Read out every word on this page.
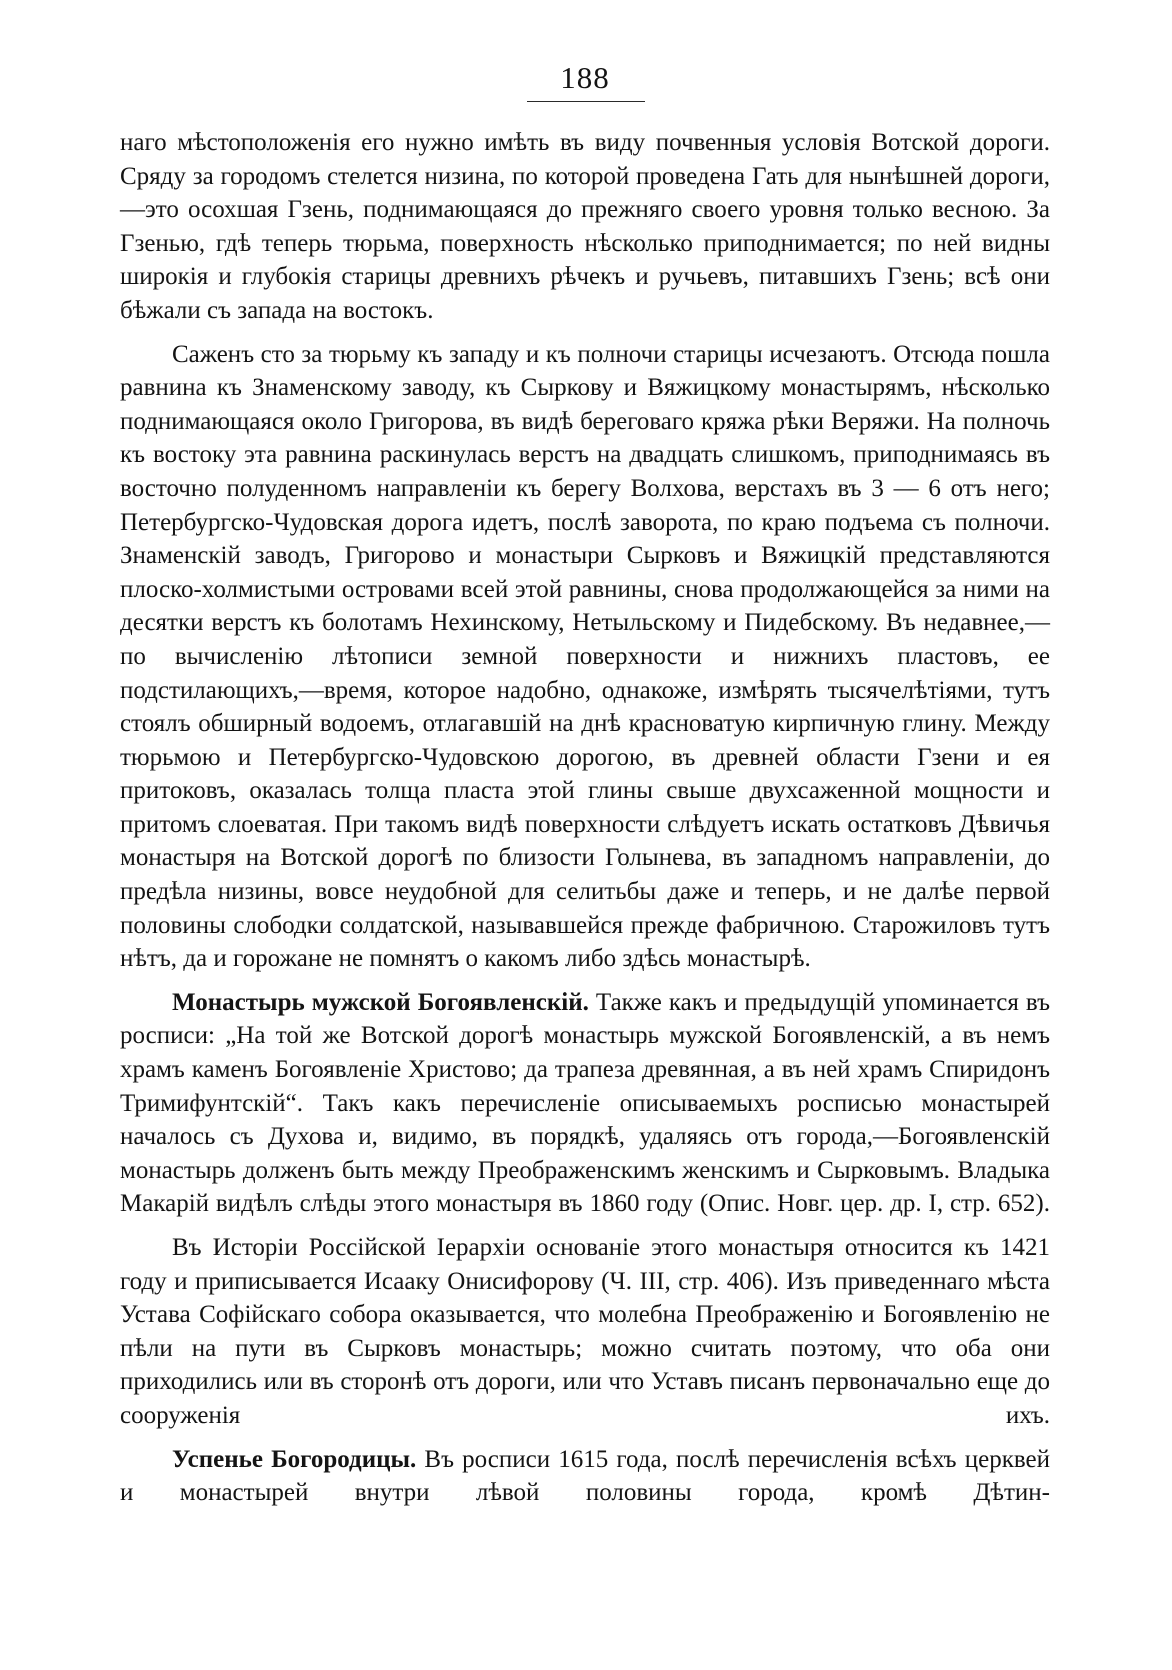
188

наго мѣстоположенія его нужно имѣть въ виду почвенныя условія Вотской дороги. Сряду за городомъ стелется низина, по которой проведена Гать для нынѣшней дороги,—это осохшая Гзень, поднимающаяся до прежняго своего уровня только весною. За Гзенью, гдѣ теперь тюрьма, поверхность нѣсколько приподнимается; по ней видны широкія и глубокія старицы древнихъ рѣчекъ и ручьевъ, питавшихъ Гзень; всѣ они бѣжали съ запада на востокъ.

Саженъ сто за тюрьму къ западу и къ полночи старицы исчезаютъ. Отсюда пошла равнина къ Знаменскому заводу, къ Сыркову и Вяжицкому монастырямъ, нѣсколько поднимающаяся около Григорова, въ видѣ береговаго кряжа рѣки Веряжи. На полночь къ востоку эта равнина раскинулась верстъ на двадцать слишкомъ, приподнимаясь въ восточно полуденномъ направленіи къ берегу Волхова, верстахъ въ 3 — 6 отъ него; Петербургско-Чудовская дорога идетъ, послѣ заворота, по краю подъема съ полночи. Знаменскій заводъ, Григорово и монастыри Сырковъ и Вяжицкій представляются плоско-холмистыми островами всей этой равнины, снова продолжающейся за ними на десятки верстъ къ болотамъ Нехинскому, Нетыльскому и Пидебскому. Въ недавнее,—по вычисленію лѣтописи земной поверхности и нижнихъ пластовъ, ее подстилающихъ,—время, которое надобно, однакоже, измѣрять тысячелѣтіями, тутъ стоялъ обширный водоемъ, отлагавшій на днѣ красноватую кирпичную глину. Между тюрьмою и Петербургско-Чудовскою дорогою, въ древней области Гзени и ея притоковъ, оказалась толща пласта этой глины свыше двухсаженной мощности и притомъ слоеватая. При такомъ видѣ поверхности слѣдуетъ искать остатковъ Дѣвичья монастыря на Вотской дорогѣ по близости Голынева, въ западномъ направленіи, до предѣла низины, вовсе неудобной для селитьбы даже и теперь, и не далѣе первой половины слободки солдатской, называвшейся прежде фабричною. Старожиловъ тутъ нѣтъ, да и горожане не помнятъ о какомъ либо здѣсь монастырѣ.

Монастырь мужской Богоявленскій. Также какъ и предыдущій упоминается въ росписи: „На той же Вотской дорогѣ монастырь мужской Богоявленскій, а въ немъ храмъ каменъ Богоявленіе Христово; да трапеза древянная, а въ ней храмъ Спиридонъ Тримифунтскій“. Такъ какъ перечисленіе описываемыхъ росписью монастырей началось съ Духова и, видимо, въ порядкѣ, удаляясь отъ города,—Богоявленскій монастырь долженъ быть между Преображенскимъ женскимъ и Сырковымъ. Владыка Макарій видѣлъ слѣды этого монастыря въ 1860 году (Опис. Новг. цер. др. I, стр. 652).

Въ Исторіи Россійской Іерархіи основаніе этого монастыря относится къ 1421 году и приписывается Исааку Онисифорову (Ч. III, стр. 406). Изъ приведеннаго мѣста Устава Софійскаго собора оказывается, что молебна Преображенію и Богоявленію не пѣли на пути въ Сырковъ монастырь; можно считать поэтому, что оба они приходились или въ сторонѣ отъ дороги, или что Уставъ писанъ первоначально еще до сооруженія ихъ.

Успенье Богородицы. Въ росписи 1615 года, послѣ перечисленія всѣхъ церквей и монастырей внутри лѣвой половины города, кромѣ Дѣтин-
